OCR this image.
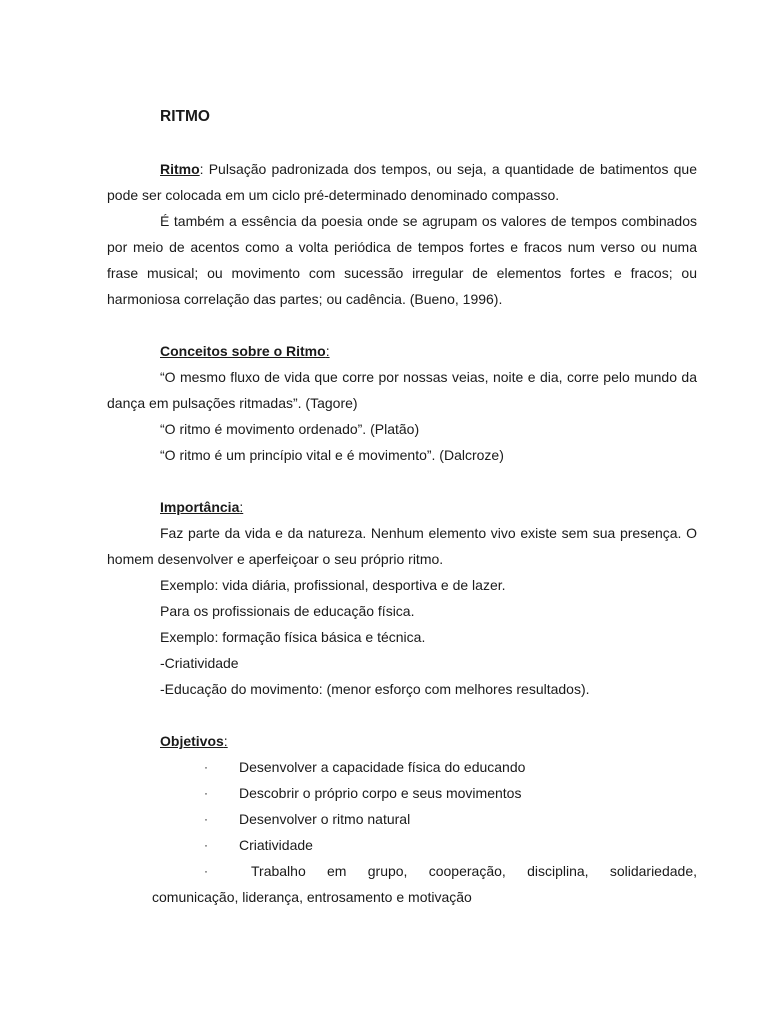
RITMO

Ritmo: Pulsação padronizada dos tempos, ou seja, a quantidade de batimentos que pode ser colocada em um ciclo pré-determinado denominado compasso.

É também a essência da poesia onde se agrupam os valores de tempos combinados por meio de acentos como a volta periódica de tempos fortes e fracos num verso ou numa frase musical; ou movimento com sucessão irregular de elementos fortes e fracos; ou harmoniosa correlação das partes; ou cadência. (Bueno, 1996).

Conceitos sobre o Ritmo:

“O mesmo fluxo de vida que corre por nossas veias, noite e dia, corre pelo mundo da dança em pulsações ritmadas”. (Tagore)

“O ritmo é movimento ordenado”. (Platão)
“O ritmo é um princípio vital e é movimento”. (Dalcroze)
Importância:

Faz parte da vida e da natureza. Nenhum elemento vivo existe sem sua presença. O homem desenvolver e aperfeiçoar o seu próprio ritmo.

Exemplo: vida diária, profissional, desportiva e de lazer.
Para os profissionais de educação física.
Exemplo: formação física básica e técnica.
-Criatividade
-Educação do movimento: (menor esforço com melhores resultados).
Objetivos:
· Desenvolver a capacidade física do educando
· Descobrir o próprio corpo e seus movimentos
· Desenvolver o ritmo natural
· Criatividade
·	Trabalho em grupo, cooperação, disciplina, solidariedade,
comunicação, liderança, entrosamento e motivação
